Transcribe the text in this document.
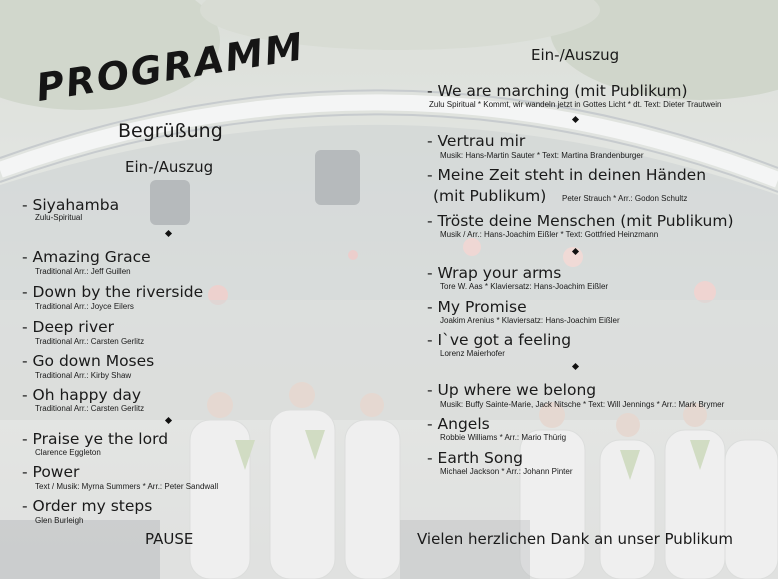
PROGRAMM
Begrüßung
Ein-/Auszug
Ein-/Auszug
- Siyahamba
Zulu-Spiritual
- Amazing Grace
Traditional Arr.: Jeff Guillen
- Down by the riverside
Traditional Arr.: Joyce Eilers
- Deep river
Traditional Arr.: Carsten Gerlitz
- Go down Moses
Traditional Arr.: Kirby Shaw
- Oh happy day
Traditional Arr.: Carsten Gerlitz
- Praise ye the lord
Clarence Eggleton
- Power
Text / Musik: Myrna Summers * Arr.: Peter Sandwall
- Order my steps
Glen Burleigh
PAUSE
- We are marching (mit Publikum)
Zulu Spiritual * Kommt, wir wandeln jetzt in Gottes Licht * dt. Text: Dieter Trautwein
- Vertrau mir
Musik: Hans-Martin Sauter * Text: Martina Brandenburger
- Meine Zeit steht in deinen Händen
(mit Publikum) Peter Strauch * Arr.: Godon Schultz
- Tröste deine Menschen (mit Publikum)
Musik / Arr.: Hans-Joachim Eißler * Text: Gottfried Heinzmann
- Wrap your arms
Tore W. Aas * Klaviersatz: Hans-Joachim Eißler
- My Promise
Joakim Arenius * Klaviersatz: Hans-Joachim Eißler
- I`ve got a feeling
Lorenz Maierhofer
- Up where we belong
Musik: Buffy Sainte-Marie, Jack Nitsche * Text: Will Jennings * Arr.: Mark Brymer
- Angels
Robbie Williams * Arr.: Mario Thürig
- Earth Song
Michael Jackson * Arr.: Johann Pinter
Vielen herzlichen Dank an unser Publikum
